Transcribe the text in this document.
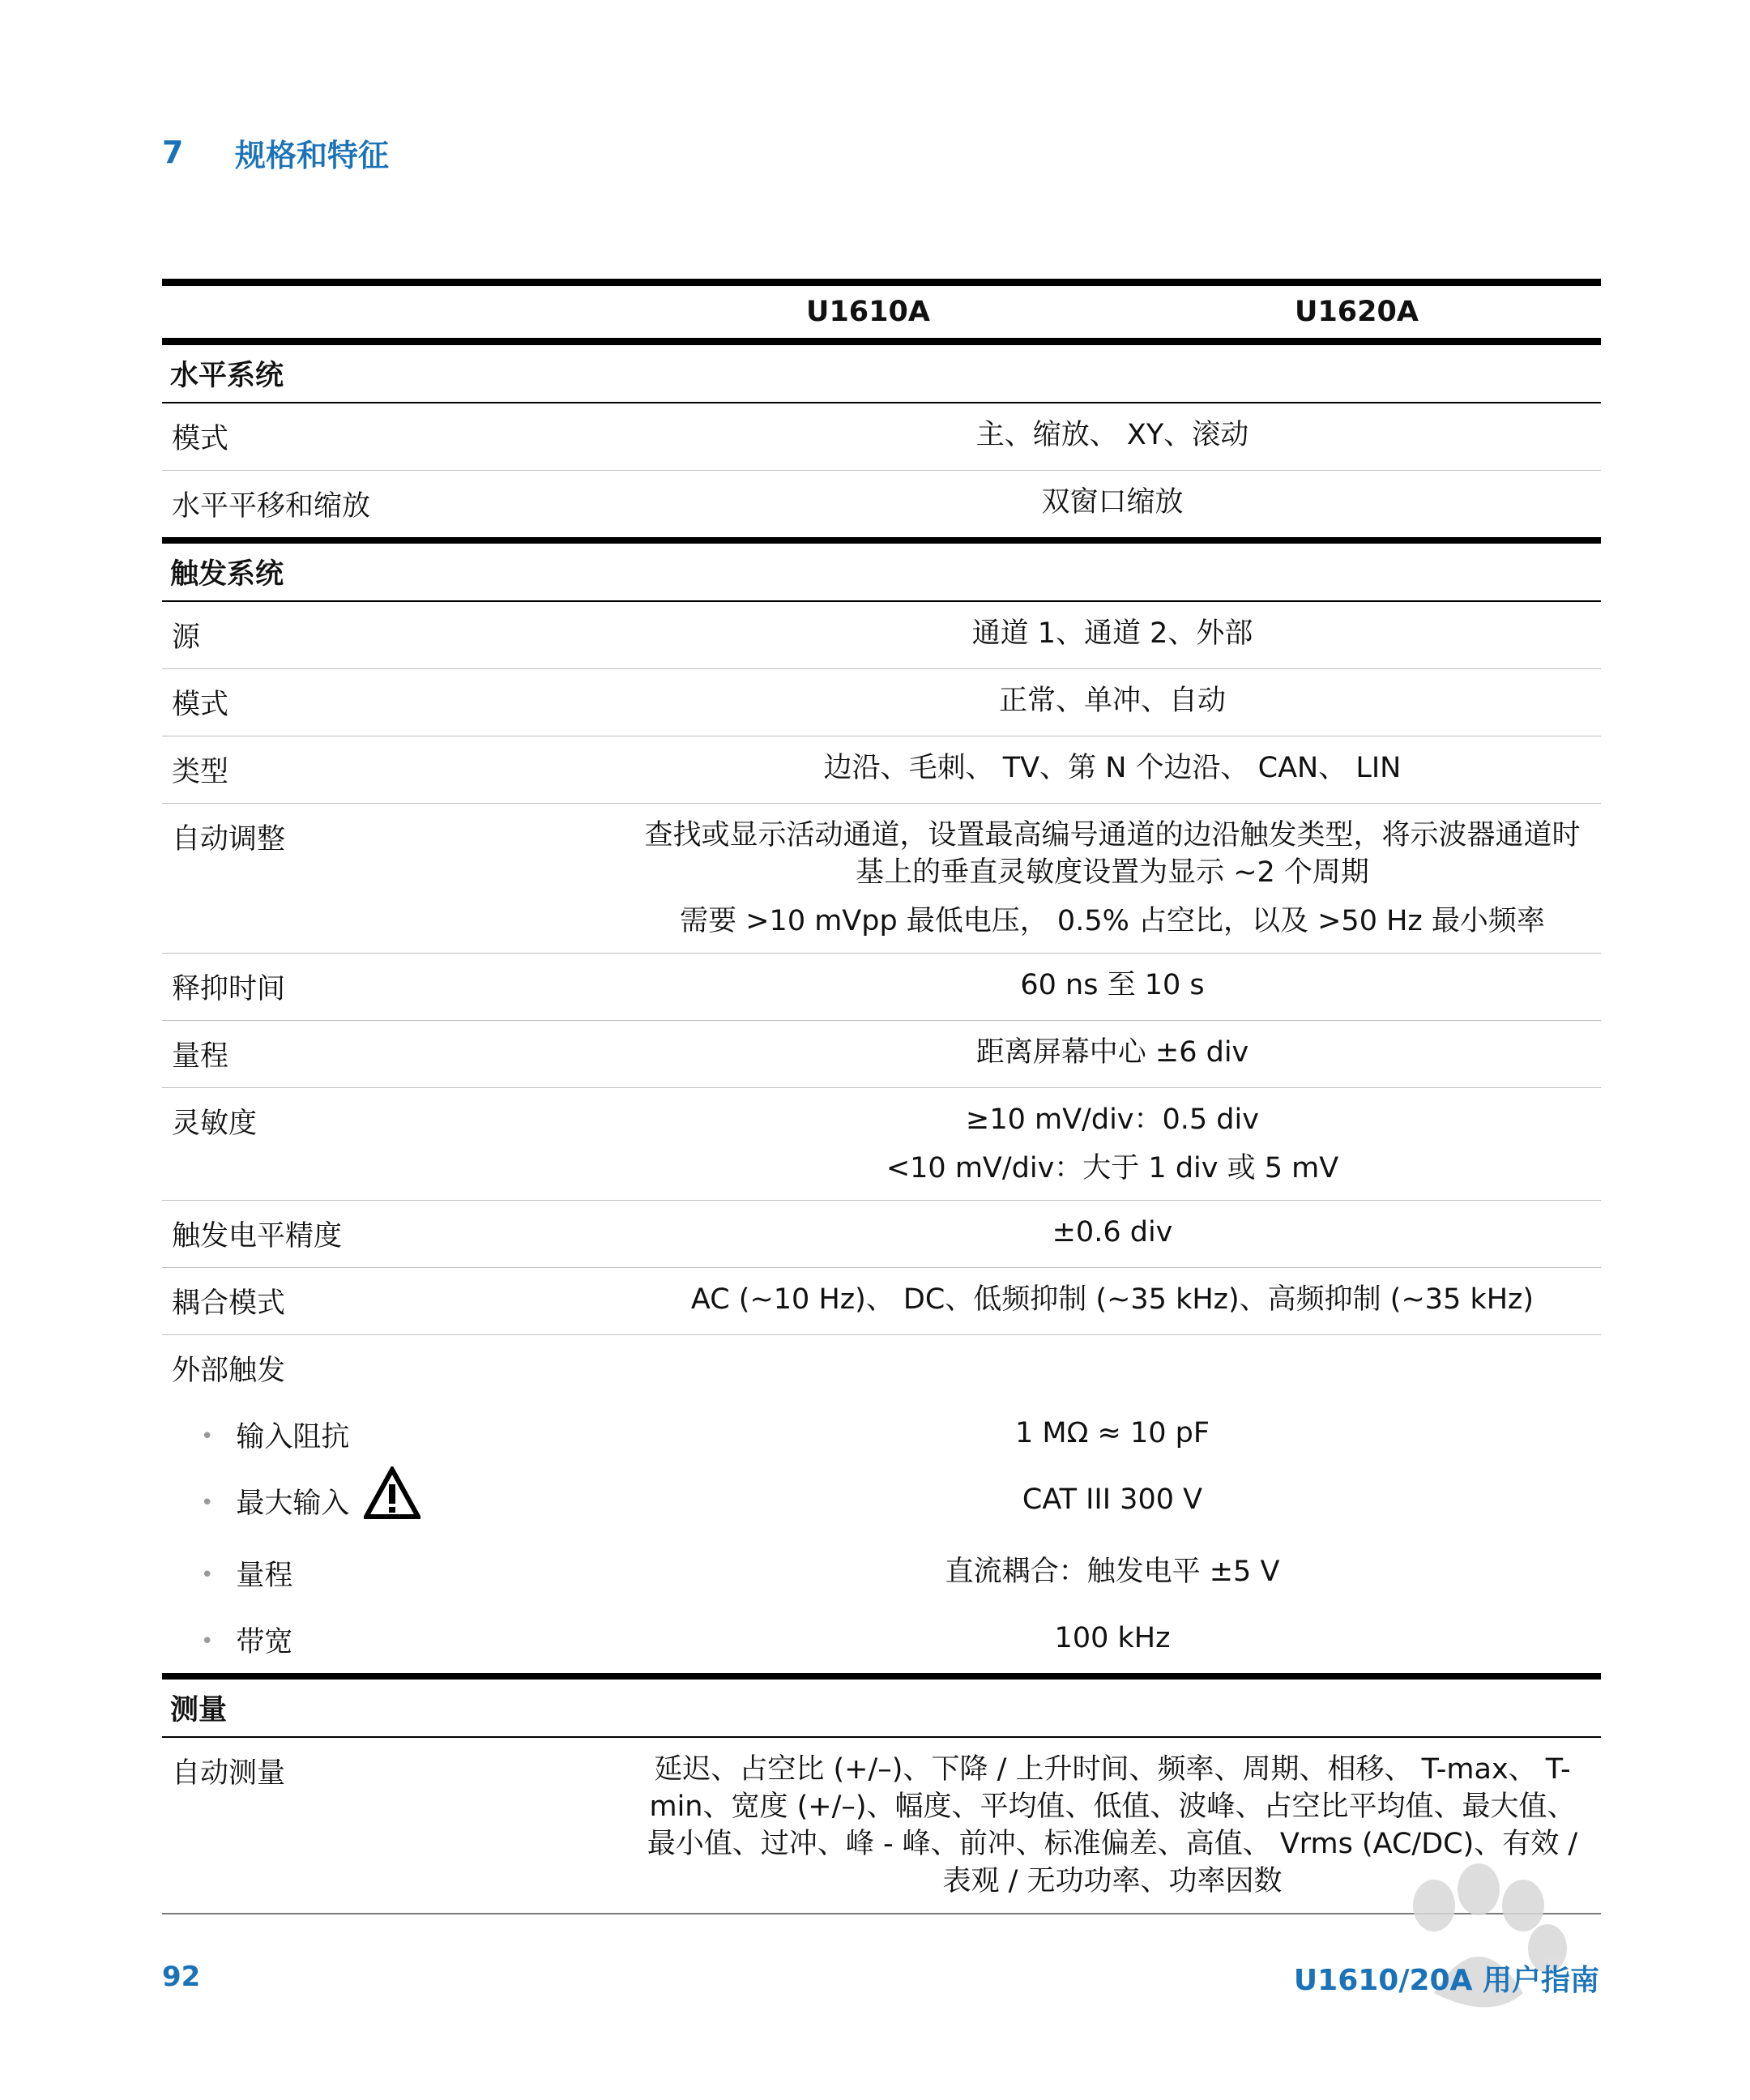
7	规格和特征

	U1610A U1620A

水平系统	
模式	主、缩放、 XY、滚动
水平平移和缩放	双窗口缩放
触发系统	
源	通道 1、通道 2、外部
模式	正常、单冲、自动
类型	边沿、毛刺、 TV、第 N 个边沿、 CAN、 LIN
自动调整	查找或显示活动通道，设置最高编号通道的边沿触发类型，将示波器通道时基上的垂直灵敏度设置为显示 ~2 个周期
需要 >10 mVpp 最低电压， 0.5% 占空比，以及 >50 Hz 最小频率

释抑时间	60 ns 至 10 s
量程	距离屏幕中心 ±6 div
灵敏度	≥10 mV/div：0.5 div
<10 mV/div：大于 1 div 或 5 mV

触发电平精度	±0.6 div
耦合模式	AC (~10 Hz)、 DC、低频抑制 (~35 kHz)、高频抑制 (~35 kHz)
外部触发	
• 输入阻抗	1 MΩ ≈ 10 pF
• 最大输入	CAT III 300 V
• 量程	直流耦合：触发电平 ±5 V
• 带宽	100 kHz
测量	
自动测量	延迟、占空比 (+/–)、下降 / 上升时间、频率、周期、相移、 T-max、 T-min、宽度 (+/–)、幅度、平均值、低值、波峰、占空比平均值、最大值、最小值、过冲、峰 - 峰、前冲、标准偏差、高值、 Vrms (AC/DC)、有效 / 表观 / 无功功率、功率因数
92	U1610/20A 用户指南
